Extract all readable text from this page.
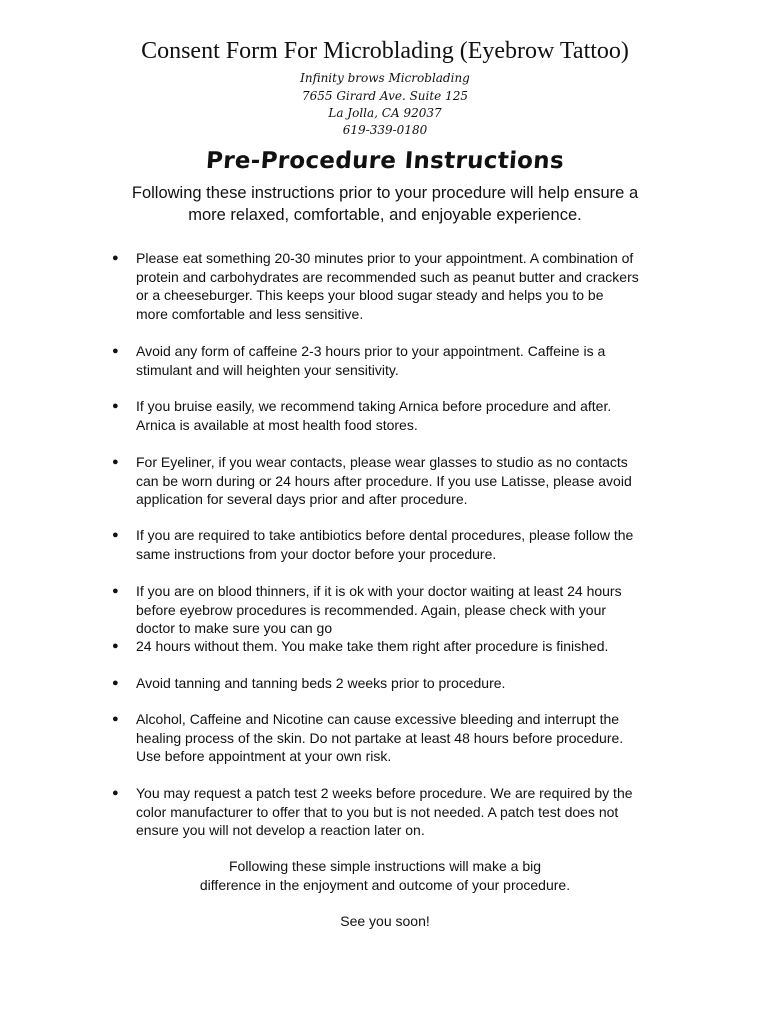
Consent Form For Microblading (Eyebrow Tattoo)
Infinity brows Microblading
7655 Girard Ave. Suite 125
La Jolla, CA 92037
619-339-0180
Pre-Procedure Instructions
Following these instructions prior to your procedure will help ensure a
more relaxed, comfortable, and enjoyable experience.
● Please eat something 20-30 minutes prior to your appointment. A combination of
protein and carbohydrates are recommended such as peanut butter and crackers
or a cheeseburger. This keeps your blood sugar steady and helps you to be
more comfortable and less sensitive.
● Avoid any form of caffeine 2-3 hours prior to your appointment. Caffeine is a
stimulant and will heighten your sensitivity.
● If you bruise easily, we recommend taking Arnica before procedure and after.
Arnica is available at most health food stores.
● For Eyeliner, if you wear contacts, please wear glasses to studio as no contacts
can be worn during or 24 hours after procedure. If you use Latisse, please avoid
application for several days prior and after procedure.
● If you are required to take antibiotics before dental procedures, please follow the
same instructions from your doctor before your procedure.
● If you are on blood thinners, if it is ok with your doctor waiting at least 24 hours
before eyebrow procedures is recommended. Again, please check with your
doctor to make sure you can go
● 24 hours without them. You make take them right after procedure is finished.
● Avoid tanning and tanning beds 2 weeks prior to procedure.
● Alcohol, Caffeine and Nicotine can cause excessive bleeding and interrupt the
healing process of the skin. Do not partake at least 48 hours before procedure.
Use before appointment at your own risk.
● You may request a patch test 2 weeks before procedure. We are required by the
color manufacturer to offer that to you but is not needed. A patch test does not
ensure you will not develop a reaction later on.
Following these simple instructions will make a big
difference in the enjoyment and outcome of your procedure.
See you soon!
